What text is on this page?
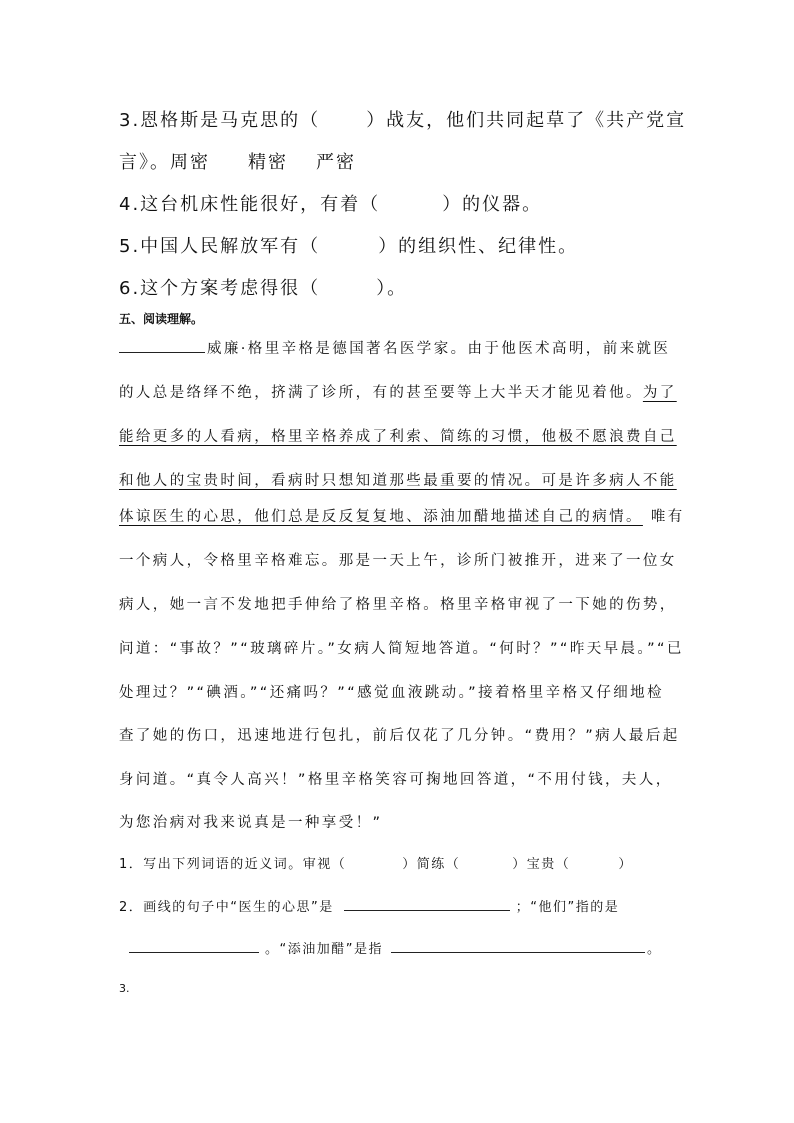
3.恩格斯是马克思的（	）战友，他们共同起草了《共产党宣
言》。周密 精密 严密
4.这台机床性能很好，有着（	）的仪器。
5.中国人民解放军有（	）的组织性、纪律性。
6.这个方案考虑得很（	）。
五、阅读理解。
威廉·格里辛格是德国著名医学家。由于他医术高明，前来就医
的人总是络绎不绝，挤满了诊所，有的甚至要等上大半天才能见着他。为了
能给更多的人看病，格里辛格养成了利索、简练的习惯，他极不愿浪费自己
和他人的宝贵时间，看病时只想知道那些最重要的情况。可是许多病人不能
体谅医生的心思，他们总是反反复复地、添油加醋地描述自己的病情。 唯有
一个病人，令格里辛格难忘。那是一天上午，诊所门被推开，进来了一位女
病人，她一言不发地把手伸给了格里辛格。格里辛格审视了一下她的伤势，
问道：“事故？”“玻璃碎片。”女病人简短地答道。“何时？”“昨天早晨。”“已
处理过？”“碘酒。”“还痛吗？”“感觉血液跳动。”接着格里辛格又仔细地检
查了她的伤口，迅速地进行包扎，前后仅花了几分钟。“费用？”病人最后起
身问道。“真令人高兴！”格里辛格笑容可掬地回答道，“不用付钱，夫人，
为您治病对我来说真是一种享受！”
1．写出下列词语的近义词。审视（	）简练（	）宝贵（	）
2．画线的句子中“医生的心思”是	；“他们”指的是
。“添油加醋”是指	。
3.
